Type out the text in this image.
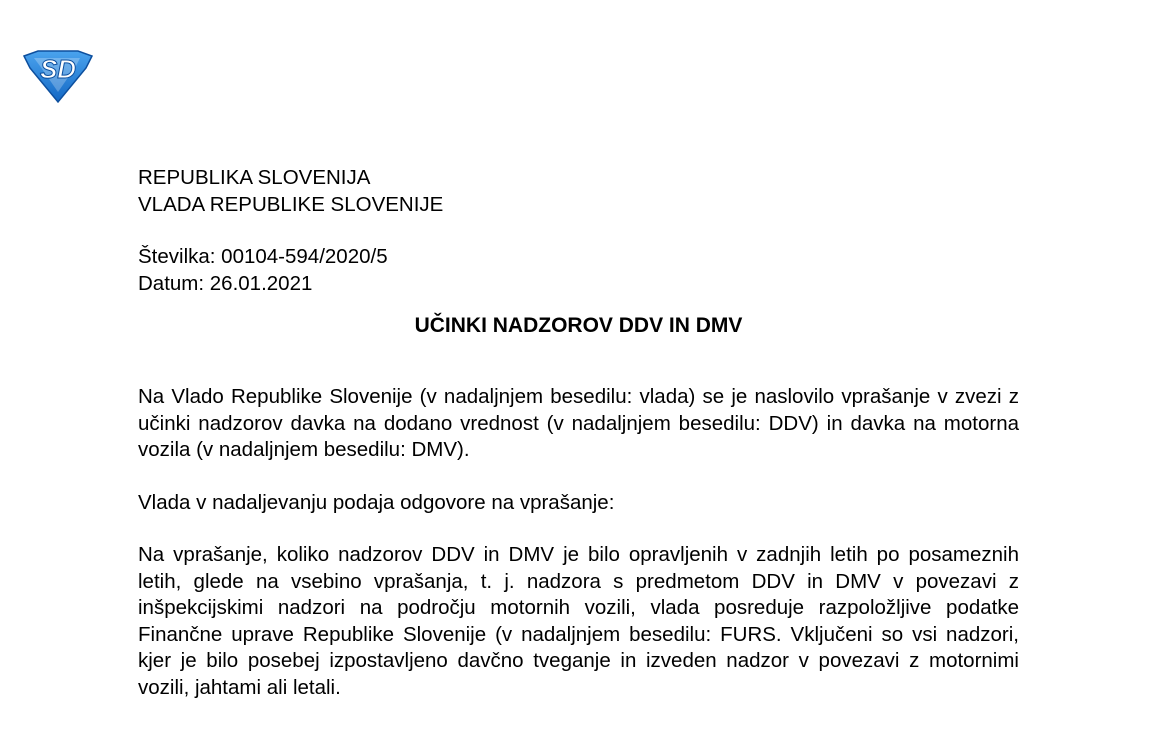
SD
REPUBLIKA SLOVENIJA
VLADA REPUBLIKE SLOVENIJE
Številka: 00104-594/2020/5
Datum: 26.01.2021
UČINKI NADZOROV DDV IN DMV

Na Vlado Republike Slovenije (v nadaljnjem besedilu: vlada) se je naslovilo vprašanje v zvezi z učinki nadzorov davka na dodano vrednost (v nadaljnjem besedilu: DDV) in davka na motorna vozila (v nadaljnjem besedilu: DMV).

Vlada v nadaljevanju podaja odgovore na vprašanje:

Na vprašanje, koliko nadzorov DDV in DMV je bilo opravljenih v zadnjih letih po posameznih letih, glede na vsebino vprašanja, t. j. nadzora s predmetom DDV in DMV v povezavi z inšpekcijskimi nadzori na področju motornih vozili, vlada posreduje razpoložljive podatke Finančne uprave Republike Slovenije (v nadaljnjem besedilu: FURS. Vključeni so vsi nadzori, kjer je bilo posebej izpostavljeno davčno tveganje in izveden nadzor v povezavi z motornimi vozili, jahtami ali letali.
